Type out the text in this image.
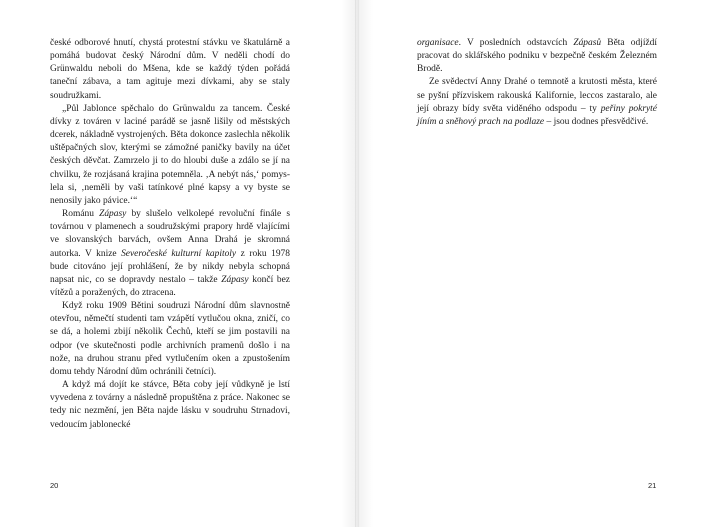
české odborové hnutí, chystá protestní stávku ve škatulárně a pomáhá budovat český Národní dům. V neděli chodí do Grünwaldu neboli do Mšena, kde se každý týden pořádá taneční zábava, a tam agituje mezi dívkami, aby se staly soudružkami.

„Půl Jablonce spěchalo do Grünwaldu za tancem. České dívky z továren v laciné parádě se jasně lišily od městských dcerek, nákladně vystrojených. Běta dokonce zaslechla několik uštěpačných slov, kterými se zámožné paničky bavily na účet českých děvčat. Zamrzelo ji to do hloubi duše a zdálo se jí na chvilku, že rozjásaná krajina potemněla. ‚A nebýt nás,‘ pomyslela si, ‚neměli by vaši tatínkové plné kapsy a vy byste se nenosily jako pávice.‘“

Románu Zápasy by slušelo velkolepé revoluční finále s továrnou v plamenech a soudružskými prapory hrdě vlajícími ve slovanských barvách, ovšem Anna Drahá je skromná autorka. V knize Severočeské kulturní kapitoly z roku 1978 bude citováno její prohlášení, že by nikdy nebyla schopná napsat nic, co se dopravdy nestalo – takže Zápasy končí bez vítězů a poražených, do ztracena.

Když roku 1909 Bětini soudruzi Národní dům slavnostně otevřou, němečtí studenti tam vzápětí vytlučou okna, zničí, co se dá, a holemi zbijí několik Čechů, kteří se jim postavili na odpor (ve skutečnosti podle archivních pramenů došlo i na nože, na druhou stranu před vytlučením oken a zpustošením domu tehdy Národní dům ochránili četníci).

A když má dojít ke stávce, Běta coby její vůdkyně je lstí vyvedena z továrny a následně propuštěna z práce. Nakonec se tedy nic nezmění, jen Běta najde lásku v soudruhu Strnadovi, vedoucím jablonecké

20

organisace. V posledních odstavcích Zápasů Běta odjíždí pracovat do sklářského podniku v bezpečně českém Železném Brodě.

Ze svědectví Anny Drahé o temnotě a krutosti města, které se pyšní přízviskem rakouská Kalifornie, leccos zastaralo, ale její obrazy bídy světa viděného odspodu – ty peřiny pokryté jíním a sněhový prach na podlaze – jsou dodnes přesvědčivé.

21
